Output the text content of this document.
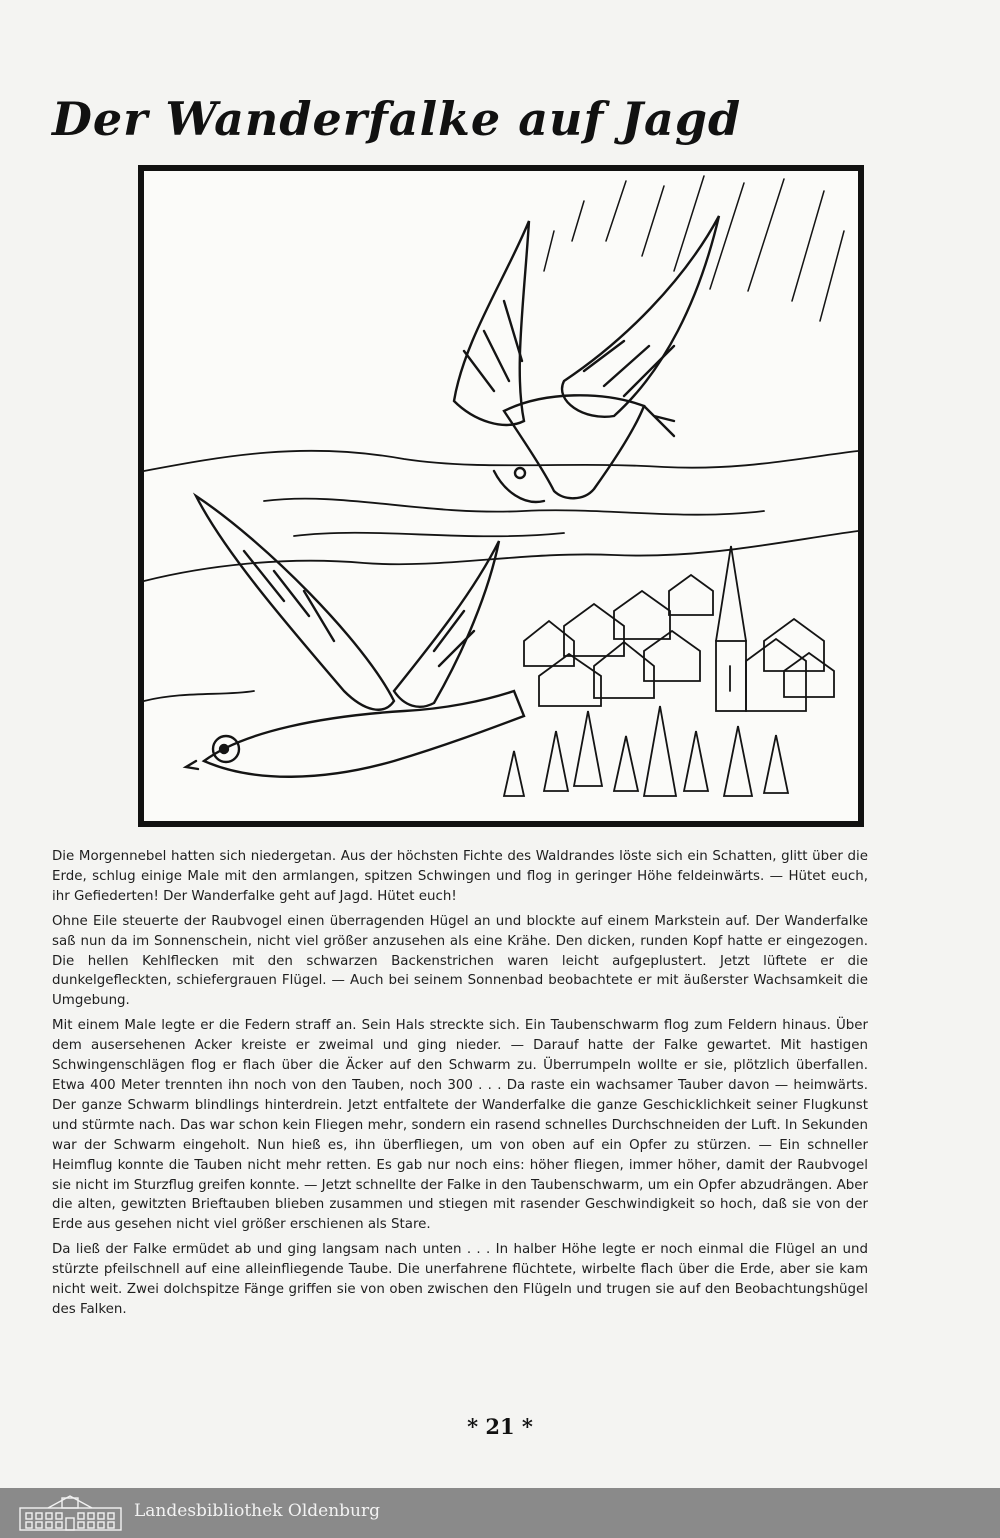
Der Wanderfalke auf Jagd

Die Morgennebel hatten sich niedergetan. Aus der höchsten Fichte des Waldrandes löste sich ein Schatten, glitt über die Erde, schlug einige Male mit den armlangen, spitzen Schwingen und flog in geringer Höhe feldeinwärts. — Hütet euch, ihr Gefiederten! Der Wanderfalke geht auf Jagd. Hütet euch!

Ohne Eile steuerte der Raubvogel einen überragenden Hügel an und blockte auf einem Markstein auf. Der Wanderfalke saß nun da im Sonnenschein, nicht viel größer anzusehen als eine Krähe. Den dicken, runden Kopf hatte er eingezogen. Die hellen Kehlflecken mit den schwarzen Backenstrichen waren leicht aufgeplustert. Jetzt lüftete er die dunkelgefleckten, schiefergrauen Flügel. — Auch bei seinem Sonnenbad beobachtete er mit äußerster Wachsamkeit die Umgebung.

Mit einem Male legte er die Federn straff an. Sein Hals streckte sich. Ein Taubenschwarm flog zum Feldern hinaus. Über dem ausersehenen Acker kreiste er zweimal und ging nieder. — Darauf hatte der Falke gewartet. Mit hastigen Schwingenschlägen flog er flach über die Äcker auf den Schwarm zu. Überrumpeln wollte er sie, plötzlich überfallen. Etwa 400 Meter trennten ihn noch von den Tauben, noch 300 . . . Da raste ein wachsamer Tauber davon — heimwärts. Der ganze Schwarm blindlings hinterdrein. Jetzt entfaltete der Wanderfalke die ganze Geschicklichkeit seiner Flugkunst und stürmte nach. Das war schon kein Fliegen mehr, sondern ein rasend schnelles Durchschneiden der Luft. In Sekunden war der Schwarm eingeholt. Nun hieß es, ihn überfliegen, um von oben auf ein Opfer zu stürzen. — Ein schneller Heimflug konnte die Tauben nicht mehr retten. Es gab nur noch eins: höher fliegen, immer höher, damit der Raubvogel sie nicht im Sturzflug greifen konnte. — Jetzt schnellte der Falke in den Taubenschwarm, um ein Opfer abzudrängen. Aber die alten, gewitzten Brieftauben blieben zusammen und stiegen mit rasender Geschwindigkeit so hoch, daß sie von der Erde aus gesehen nicht viel größer erschienen als Stare.

Da ließ der Falke ermüdet ab und ging langsam nach unten . . . In halber Höhe legte er noch einmal die Flügel an und stürzte pfeilschnell auf eine alleinfliegende Taube. Die unerfahrene flüchtete, wirbelte flach über die Erde, aber sie kam nicht weit. Zwei dolchspitze Fänge griffen sie von oben zwischen den Flügeln und trugen sie auf den Beobachtungshügel des Falken.

* 21 *
Landesbibliothek Oldenburg
